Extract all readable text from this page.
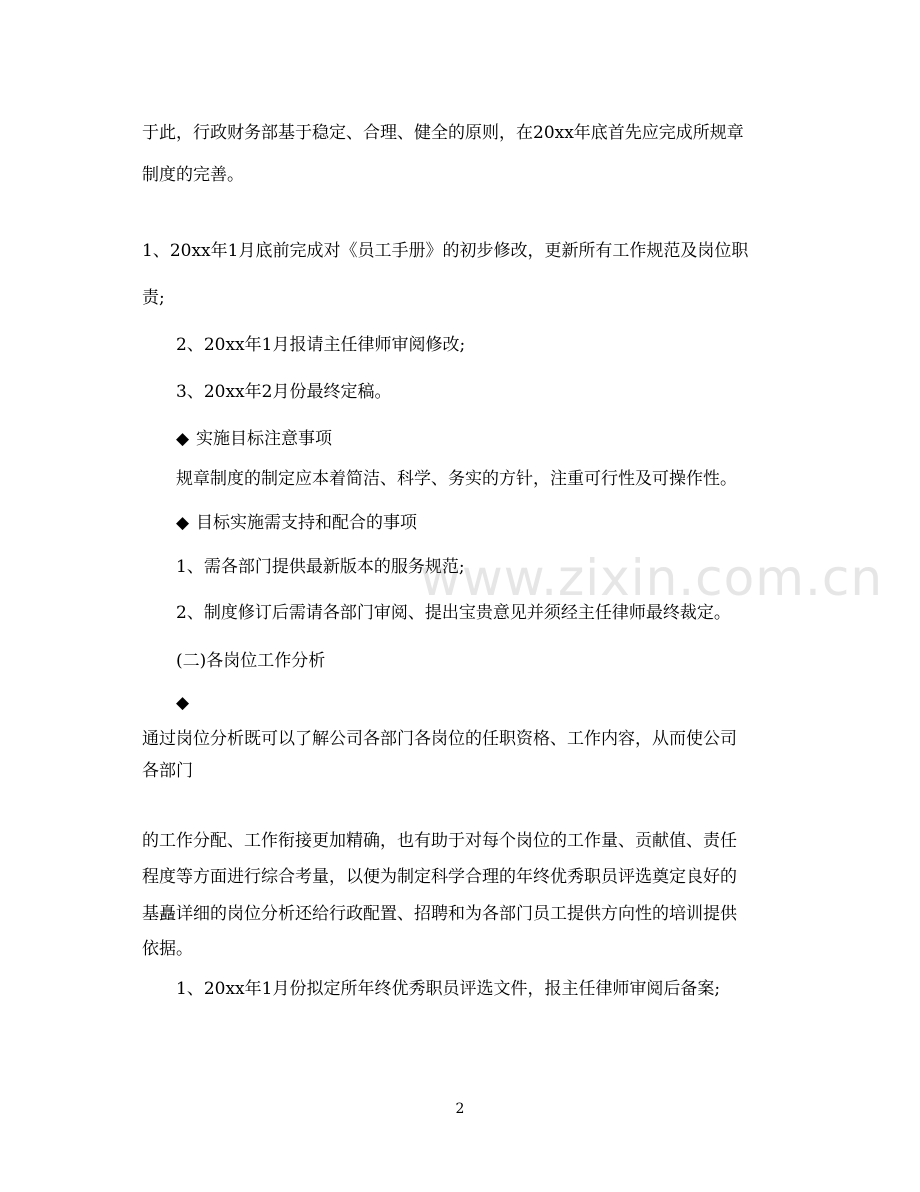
www.zixin.com.cn
于此，行政财务部基于稳定、合理、健全的原则，在20xx年底首先应完成所规章
制度的完善。
1、20xx年1月底前完成对《员工手册》的初步修改，更新所有工作规范及岗位职
责;
2、20xx年1月报请主任律师审阅修改;
3、20xx年2月份最终定稿。
◆ 实施目标注意事项
规章制度的制定应本着简洁、科学、务实的方针，注重可行性及可操作性。
◆ 目标实施需支持和配合的事项
1、需各部门提供最新版本的服务规范;
2、制度修订后需请各部门审阅、提出宝贵意见并须经主任律师最终裁定。
(二)各岗位工作分析
◆
通过岗位分析既可以了解公司各部门各岗位的任职资格、工作内容，从而使公司
各部门
的工作分配、工作衔接更加精确，也有助于对每个岗位的工作量、贡献值、责任
程度等方面进行综合考量，以便为制定科学合理的年终优秀职员评选奠定良好的
基矗详细的岗位分析还给行政配置、招聘和为各部门员工提供方向性的培训提供
依据。
1、20xx年1月份拟定所年终优秀职员评选文件，报主任律师审阅后备案;
2
